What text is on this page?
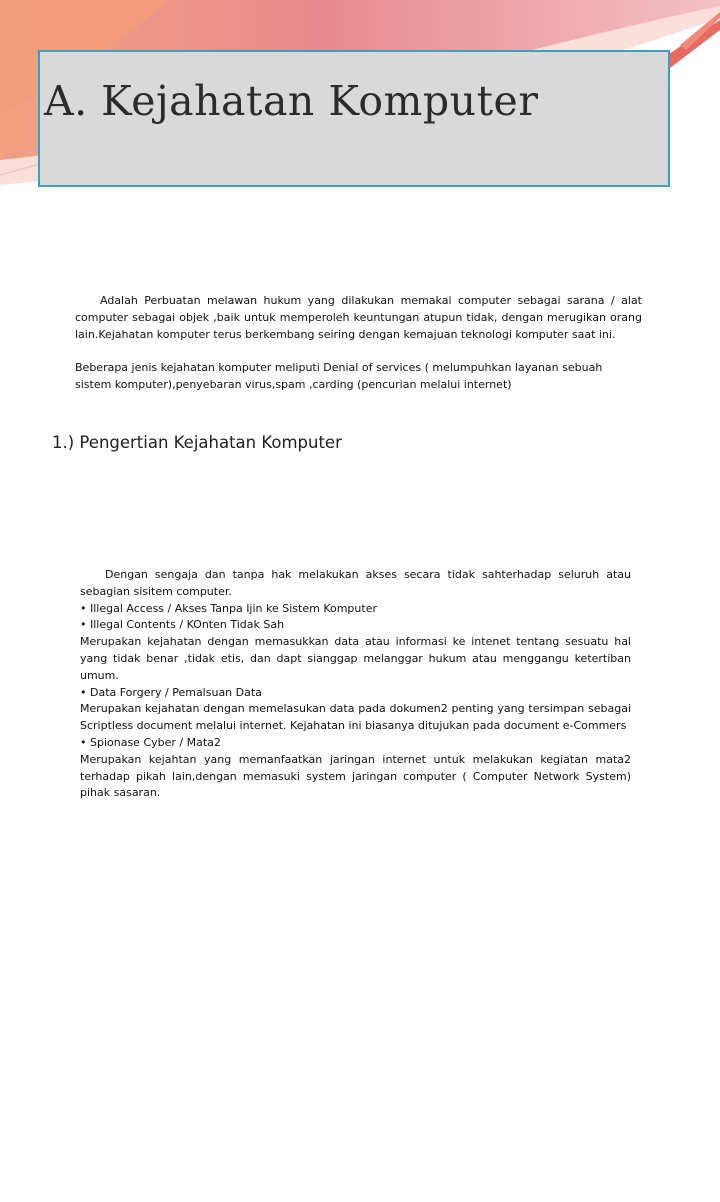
A. Kejahatan Komputer

Adalah Perbuatan melawan hukum yang dilakukan memakai computer sebagai sarana / alat computer sebagai objek ,baik untuk memperoleh keuntungan atupun tidak, dengan merugikan orang lain.Kejahatan komputer terus berkembang seiring dengan kemajuan teknologi komputer saat ini.

Beberapa jenis kejahatan komputer meliputi Denial of services ( melumpuhkan layanan sebuah sistem komputer),penyebaran virus,spam ,carding (pencurian melalui internet)

1.) Pengertian Kejahatan Komputer

Dengan sengaja dan tanpa hak melakukan akses secara tidak sahterhadap seluruh atau sebagian sisitem computer.

• Illegal Access / Akses Tanpa Ijin ke Sistem Komputer

• Illegal Contents / KOnten Tidak Sah

Merupakan kejahatan dengan memasukkan data atau informasi ke intenet tentang sesuatu hal yang tidak benar ,tidak etis, dan dapt sianggap melanggar hukum atau menggangu ketertiban umum.

• Data Forgery / Pemalsuan Data

Merupakan kejahatan dengan memelasukan data pada dokumen2 penting yang tersimpan sebagai Scriptless document melalui internet. Kejahatan ini biasanya ditujukan pada document e-Commers

• Spionase Cyber / Mata2

Merupakan kejahtan yang memanfaatkan jaringan internet untuk melakukan kegiatan mata2 terhadap pikah lain,dengan memasuki system jaringan computer ( Computer Network System) pihak sasaran.
